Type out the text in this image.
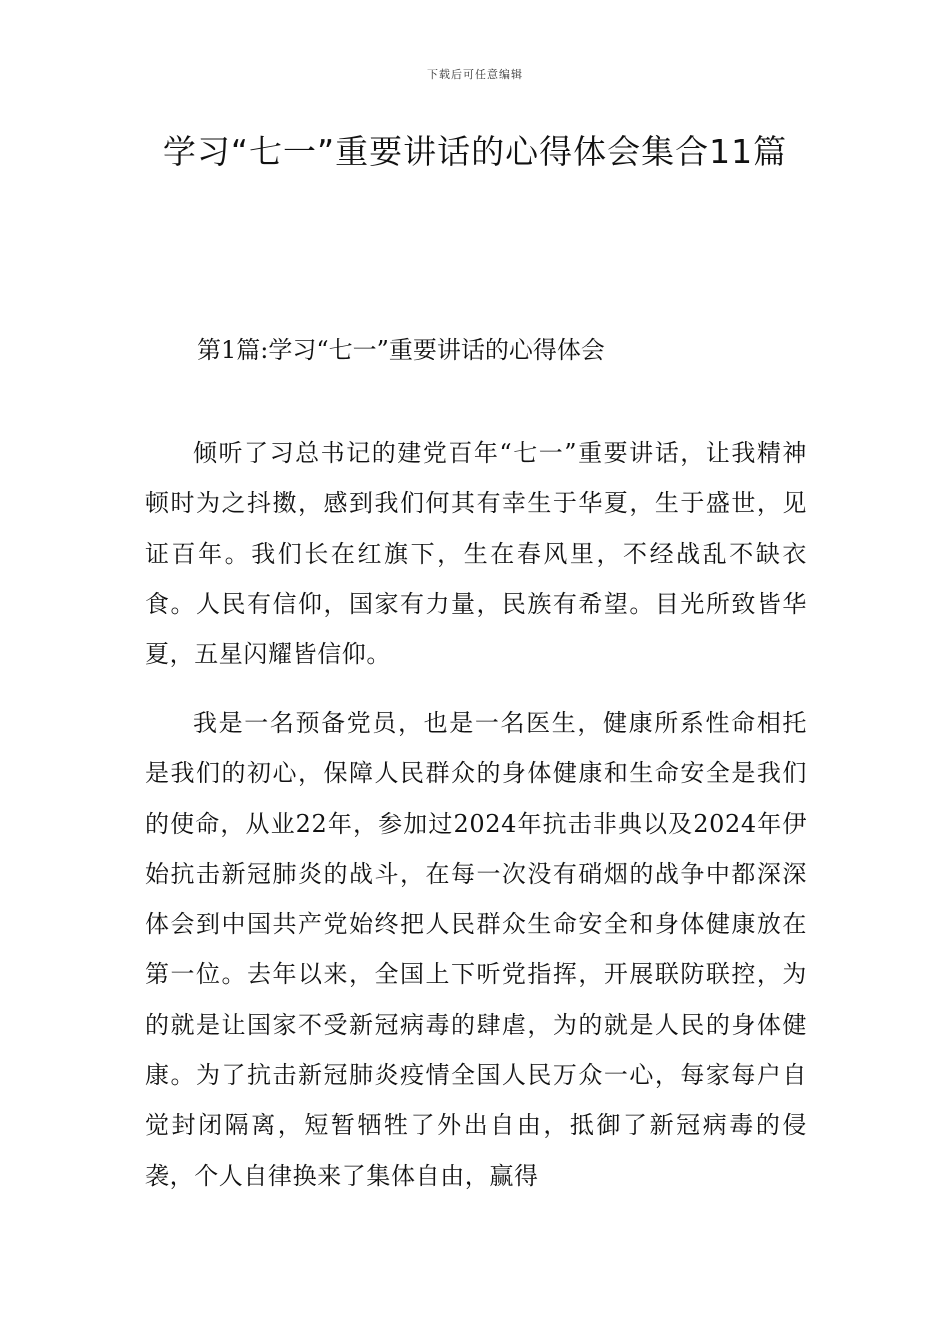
下载后可任意编辑
学习“七一”重要讲话的心得体会集合11篇
第1篇:学习“七一”重要讲话的心得体会

倾听了习总书记的建党百年“七一”重要讲话，让我精神顿时为之抖擞，感到我们何其有幸生于华夏，生于盛世，见证百年。我们长在红旗下，生在春风里，不经战乱不缺衣食。人民有信仰，国家有力量，民族有希望。目光所致皆华夏，五星闪耀皆信仰。

我是一名预备党员，也是一名医生，健康所系性命相托是我们的初心，保障人民群众的身体健康和生命安全是我们的使命，从业22年，参加过2024年抗击非典以及2024年伊始抗击新冠肺炎的战斗，在每一次没有硝烟的战争中都深深体会到中国共产党始终把人民群众生命安全和身体健康放在第一位。去年以来，全国上下听党指挥，开展联防联控，为的就是让国家不受新冠病毒的肆虐，为的就是人民的身体健康。为了抗击新冠肺炎疫情全国人民万众一心，每家每户自觉封闭隔离，短暂牺牲了外出自由，抵御了新冠病毒的侵袭，个人自律换来了集体自由，赢得
